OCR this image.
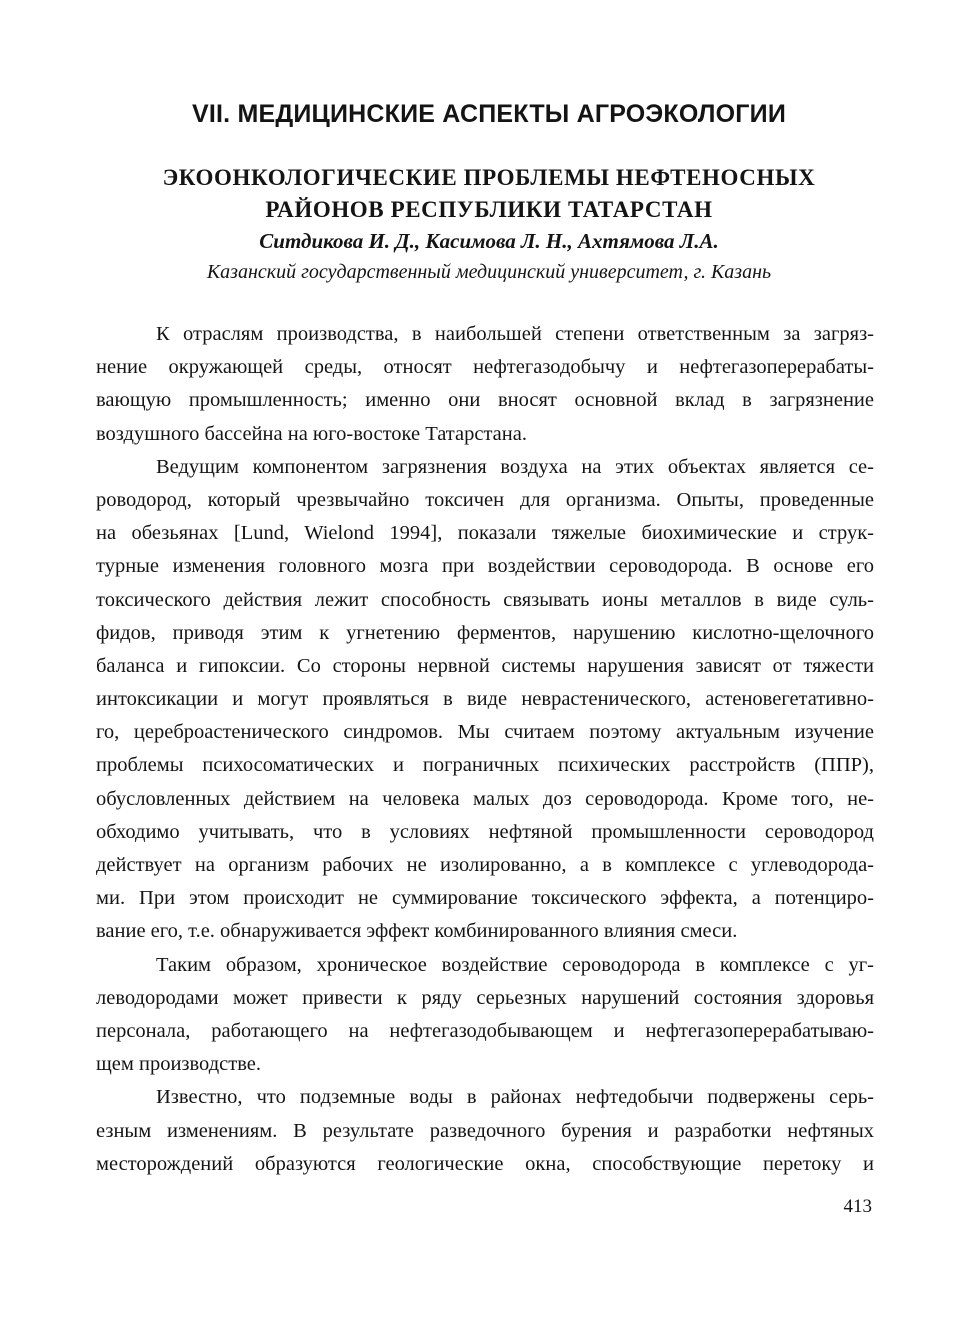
VII. МЕДИЦИНСКИЕ АСПЕКТЫ АГРОЭКОЛОГИИ
ЭКООНКОЛОГИЧЕСКИЕ ПРОБЛЕМЫ НЕФТЕНОСНЫХ
РАЙОНОВ РЕСПУБЛИКИ ТАТАРСТАН
Ситдикова И. Д., Касимова Л. Н., Ахтямова Л.А.
Казанский государственный медицинский университет, г. Казань
К отраслям производства, в наибольшей степени ответственным за загряз-
нение окружающей среды, относят нефтегазодобычу и нефтегазоперерабаты-
вающую промышленность; именно они вносят основной вклад в загрязнение
воздушного бассейна на юго-востоке Татарстана.
Ведущим компонентом загрязнения воздуха на этих объектах является се-
роводород, который чрезвычайно токсичен для организма. Опыты, проведенные
на обезьянах [Lund, Wielond 1994], показали тяжелые биохимические и струк-
турные изменения головного мозга при воздействии сероводорода. В основе его
токсического действия лежит способность связывать ионы металлов в виде суль-
фидов, приводя этим к угнетению ферментов, нарушению кислотно-щелочного
баланса и гипоксии. Со стороны нервной системы нарушения зависят от тяжести
интоксикации и могут проявляться в виде неврастенического, астеновегетативно-
го, цереброастенического синдромов. Мы считаем поэтому актуальным изучение
проблемы психосоматических и пограничных психических расстройств (ППР),
обусловленных действием на человека малых доз сероводорода. Кроме того, не-
обходимо учитывать, что в условиях нефтяной промышленности сероводород
действует на организм рабочих не изолированно, а в комплексе с углеводорода-
ми. При этом происходит не суммирование токсического эффекта, а потенциро-
вание его, т.е. обнаруживается эффект комбинированного влияния смеси.
Таким образом, хроническое воздействие сероводорода в комплексе с уг-
леводородами может привести к ряду серьезных нарушений состояния здоровья
персонала, работающего на нефтегазодобывающем и нефтегазоперерабатываю-
щем производстве.
Известно, что подземные воды в районах нефтедобычи подвержены серь-
езным изменениям. В результате разведочного бурения и разработки нефтяных
месторождений образуются геологические окна, способствующие перетоку и
413
